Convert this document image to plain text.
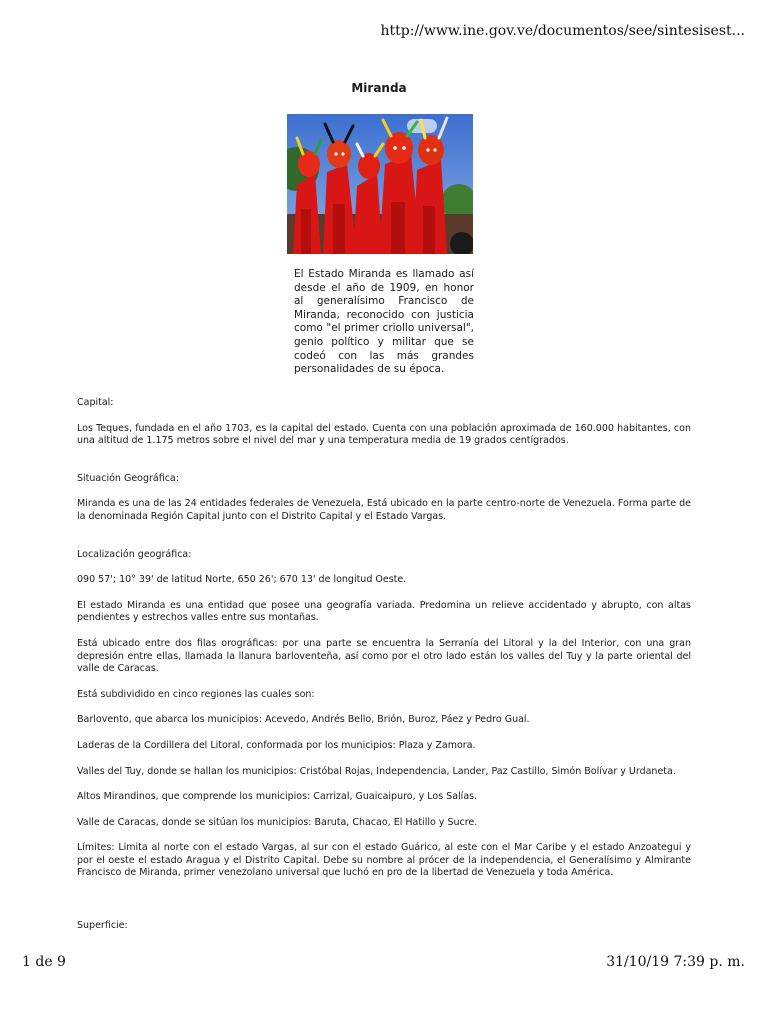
http://www.ine.gov.ve/documentos/see/sintesisest...
Miranda
El Estado Miranda es llamado así desde el año de 1909, en honor al generalísimo Francisco de Miranda, reconocido con justicia como "el primer criollo universal", genio político y militar que se codeó con las más grandes personalidades de su época.

Capital:

Los Teques, fundada en el año 1703, es la capital del estado. Cuenta con una población aproximada de 160.000 habitantes, con una altitud de 1.175 metros sobre el nivel del mar y una temperatura media de 19 grados centígrados.

Situación Geográfica:

Miranda es una de las 24 entidades federales de Venezuela, Está ubicado en la parte centro-norte de Venezuela. Forma parte de la denominada Región Capital junto con el Distrito Capital y el Estado Vargas.

Localización geográfica:

090 57'; 10° 39' de latitud Norte, 650 26'; 670 13' de longitud Oeste.

El estado Miranda es una entidad que posee una geografía variada. Predomina un relieve accidentado y abrupto, con altas pendientes y estrechos valles entre sus montañas.

Está ubicado entre dos filas orográficas: por una parte se encuentra la Serranía del Litoral y la del Interior, con una gran depresión entre ellas, llamada la llanura barloventeña, así como por el otro lado están los valles del Tuy y la parte oriental del valle de Caracas.

Está subdividido en cinco regiones las cuales son:

Barlovento, que abarca los municipios: Acevedo, Andrés Bello, Brión, Buroz, Páez y Pedro Gual.

Laderas de la Cordillera del Litoral, conformada por los municipios: Plaza y Zamora.

Valles del Tuy, donde se hallan los municipios: Cristóbal Rojas, Independencia, Lander, Paz Castillo, Simón Bolívar y Urdaneta.

Altos Mirandinos, que comprende los municipios: Carrizal, Guaicaipuro, y Los Salías.

Valle de Caracas, donde se sitúan los municipios: Baruta, Chacao, El Hatillo y Sucre.

Límites: Limita al norte con el estado Vargas, al sur con el estado Guárico, al este con el Mar Caribe y el estado Anzoategui y por el oeste el estado Aragua y el Distrito Capital. Debe su nombre al prócer de la independencia, el Generalísimo y Almirante Francisco de Miranda, primer venezolano universal que luchó en pro de la libertad de Venezuela y toda América.

Superficie:

1 de 9	31/10/19 7:39 p. m.
